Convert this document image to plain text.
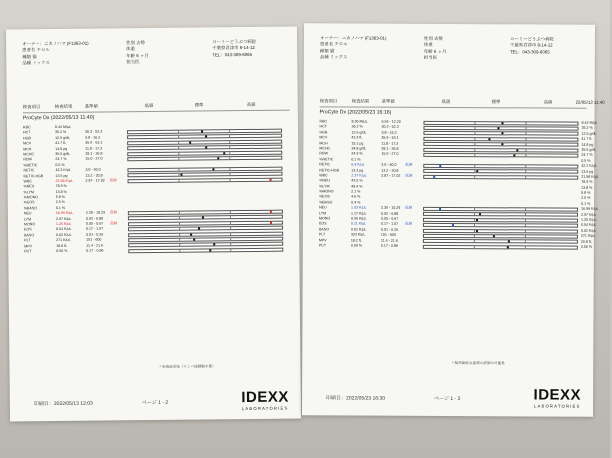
オーナー：ニカノハマ (F1363-01)
患者名 チロル
種類 猫
品種 ミックス
性別 去勢
体重
年齢 6 ヶ月
担当医
コーミーどうぶつ病院
千葉県君津市 8-14-12
TEL：043-309-6065
検査項目	検査結果	基準値	低値	標準	高値
ProCyte Dx (2022/05/13 11:40)
RBC	8.44 M/μL
HCT	35.2 %	30.3 - 52.3
HGB	12.5 g/dL	9.8 - 16.2
MCV	41.7 fL	35.9 - 53.1
MCH	14.8 pg	11.8 - 17.3
MCHC	35.5 g/dL	28.1 - 35.8
RDW	24.7 %	15.0 - 27.0
%RETIC	0.5 %
RETIC	42.2 K/μL	3.0 - 50.0
RETIC-HGB	13.5 pg	13.2 - 20.8
WBC	21.58 K/μL	2.87 - 17.02	高値
%NEU	78.9 %
%LYM	13.8 %
%MONO	5.8 %
%EOS	2.5 %
%BASO	0.1 %
NEU	16.99 K/μL	2.30 - 10.29	高値
LYM	2.97 K/μL	0.92 - 6.88
MONO	1.25 K/μL	0.05 - 0.67	高値
EOS	0.54 K/μL	0.17 - 1.57
BASO	0.02 K/μL	0.01 - 0.26
PLT	271 K/μL	151 - 600
MPV	18.8 fL	11.4 - 21.6
PCT	0.50 %	0.17 - 0.86
* 末梢血塗抹（リンパ球細胞少量）
印刷日：2022/05/13 12:03	ページ 1 - 2	IDEXX
LABORATORIES
オーナー：ニカノハマ (F1363-01)
患者名 チロル
種類 猫
品種 ミックス
性別 去勢
体重
年齢 6 ヶ月
担当医
コーミーどうぶつ病院
千葉県君津市 8-14-12
TEL：043-309-6065
検査項目	検査結果	基準値	低値	標準	高値	22/05/13 11:40
ProCyte Dx (2022/05/23 16:16)
RBC	8.36 M/μL	6.54 - 12.20	8.44 M/μL
HCT	36.2 %	30.3 - 52.3	35.2 %
HGB	12.6 g/dL	9.8 - 16.2	12.5 g/dL
MCV	43.3 fL	35.9 - 53.1	41.7 fL
MCH	15.1 pg	11.8 - 17.3	14.8 pg
MCHC	34.8 g/dL	28.1 - 35.8	35.5 g/dL
RDW	24.9 %	15.0 - 27.0	24.7 %
%RETIC	0.1 %	0.5 %
RETIC	6.9 K/μL	3.0 - 50.0	低値	42.2 K/μL
RETIC-HGB	13.3 pg	13.2 - 20.8	13.5 pg
WBC	2.37 K/μL	2.87 - 17.02	低値	21.58 K/μL
%NEU	43.5 %	78.9 %
%LYM	49.4 %	13.8 %
%MONO	2.1 %	5.8 %
%EOS	4.6 %	2.5 %
%BASO	0.4 %	0.1 %
NEU	1.03 K/μL	2.30 - 10.29	低値	16.99 K/μL
LYM	1.17 K/μL	0.92 - 6.88	2.97 K/μL
MONO	0.05 K/μL	0.05 - 0.67	1.25 K/μL
EOS	0.11 K/μL	0.17 - 1.57	低値	0.54 K/μL
BASO	0.01 K/μL	0.01 - 0.26	0.02 K/μL
PLT	323 K/μL	151 - 600	271 K/μL
MPV	18.2 fL	11.4 - 21.6	20.8 fL
PCT	0.59 %	0.17 - 0.86	0.50 %
* 検体網状赤血球の評価の可能性
印刷日：2022/05/23 16:30	ページ 1 - 2	IDEXX
LABORATORIES
